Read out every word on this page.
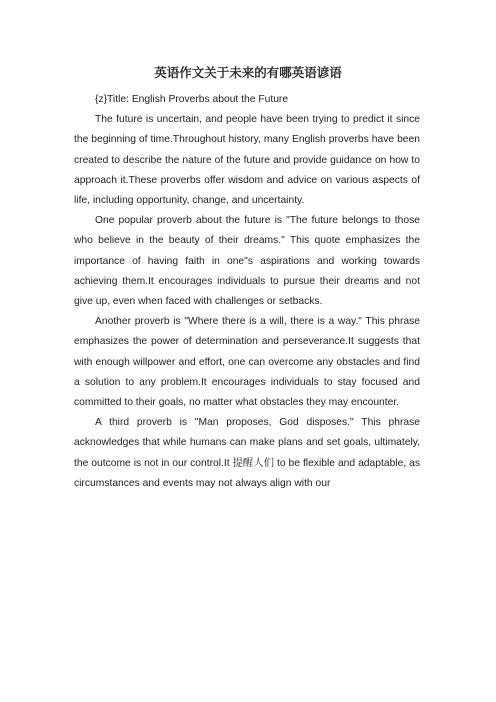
英语作文关于未来的有哪英语谚语

{z}Title: English Proverbs about the Future

The future is uncertain, and people have been trying to predict it since the beginning of time.Throughout history, many English proverbs have been created to describe the nature of the future and provide guidance on how to approach it.These proverbs offer wisdom and advice on various aspects of life, including opportunity, change, and uncertainty.

One popular proverb about the future is "The future belongs to those who believe in the beauty of their dreams." This quote emphasizes the importance of having faith in one"s aspirations and working towards achieving them.It encourages individuals to pursue their dreams and not give up, even when faced with challenges or setbacks.

Another proverb is "Where there is a will, there is a way." This phrase emphasizes the power of determination and perseverance.It suggests that with enough willpower and effort, one can overcome any obstacles and find a solution to any problem.It encourages individuals to stay focused and committed to their goals, no matter what obstacles they may encounter.

A third proverb is "Man proposes, God disposes." This phrase acknowledges that while humans can make plans and set goals, ultimately, the outcome is not in our control.It 提醒人们 to be flexible and adaptable, as circumstances and events may not always align with our
